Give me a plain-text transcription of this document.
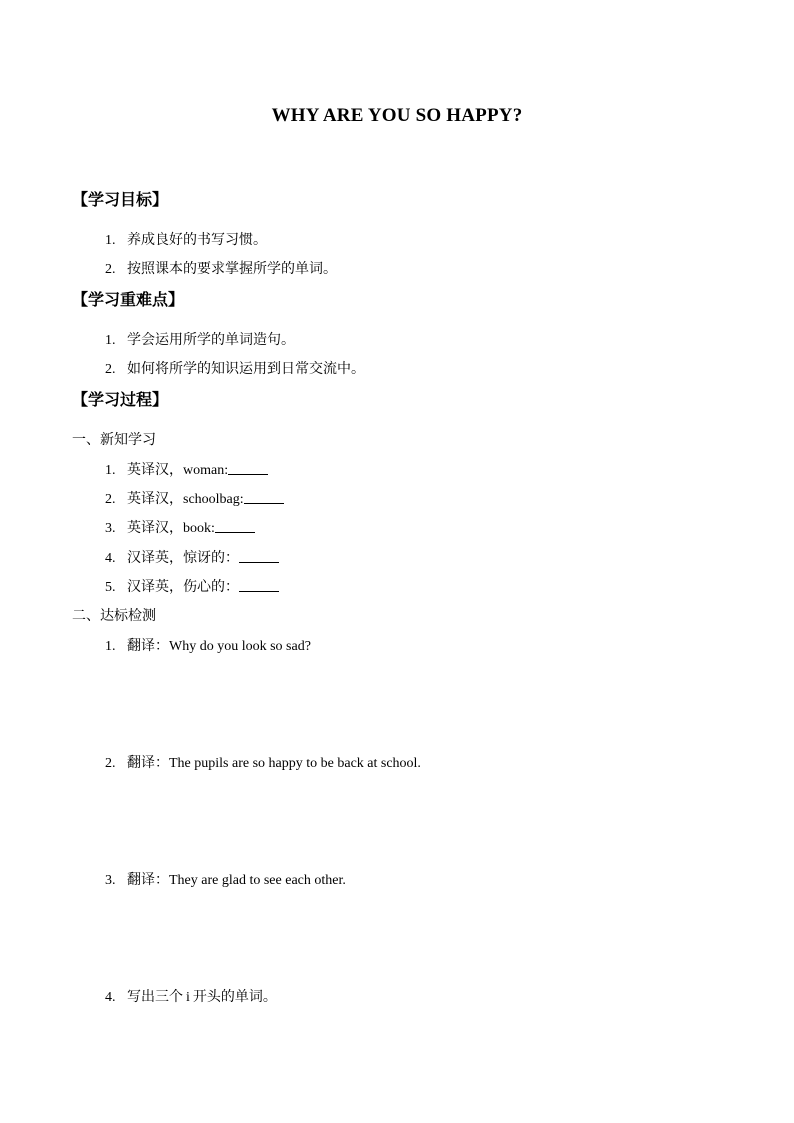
WHY ARE YOU SO HAPPY?
【学习目标】
1. 养成良好的书写习惯。
2. 按照课本的要求掌握所学的单词。
【学习重难点】
1. 学会运用所学的单词造句。
2. 如何将所学的知识运用到日常交流中。
【学习过程】
一、新知学习
1. 英译汉，woman:
2. 英译汉，schoolbag:
3. 英译汉，book:
4. 汉译英，惊讶的：
5. 汉译英，伤心的：
二、达标检测
1. 翻译：Why do you look so sad?
2. 翻译：The pupils are so happy to be back at school.
3. 翻译：They are glad to see each other.
4. 写出三个 i 开头的单词。
